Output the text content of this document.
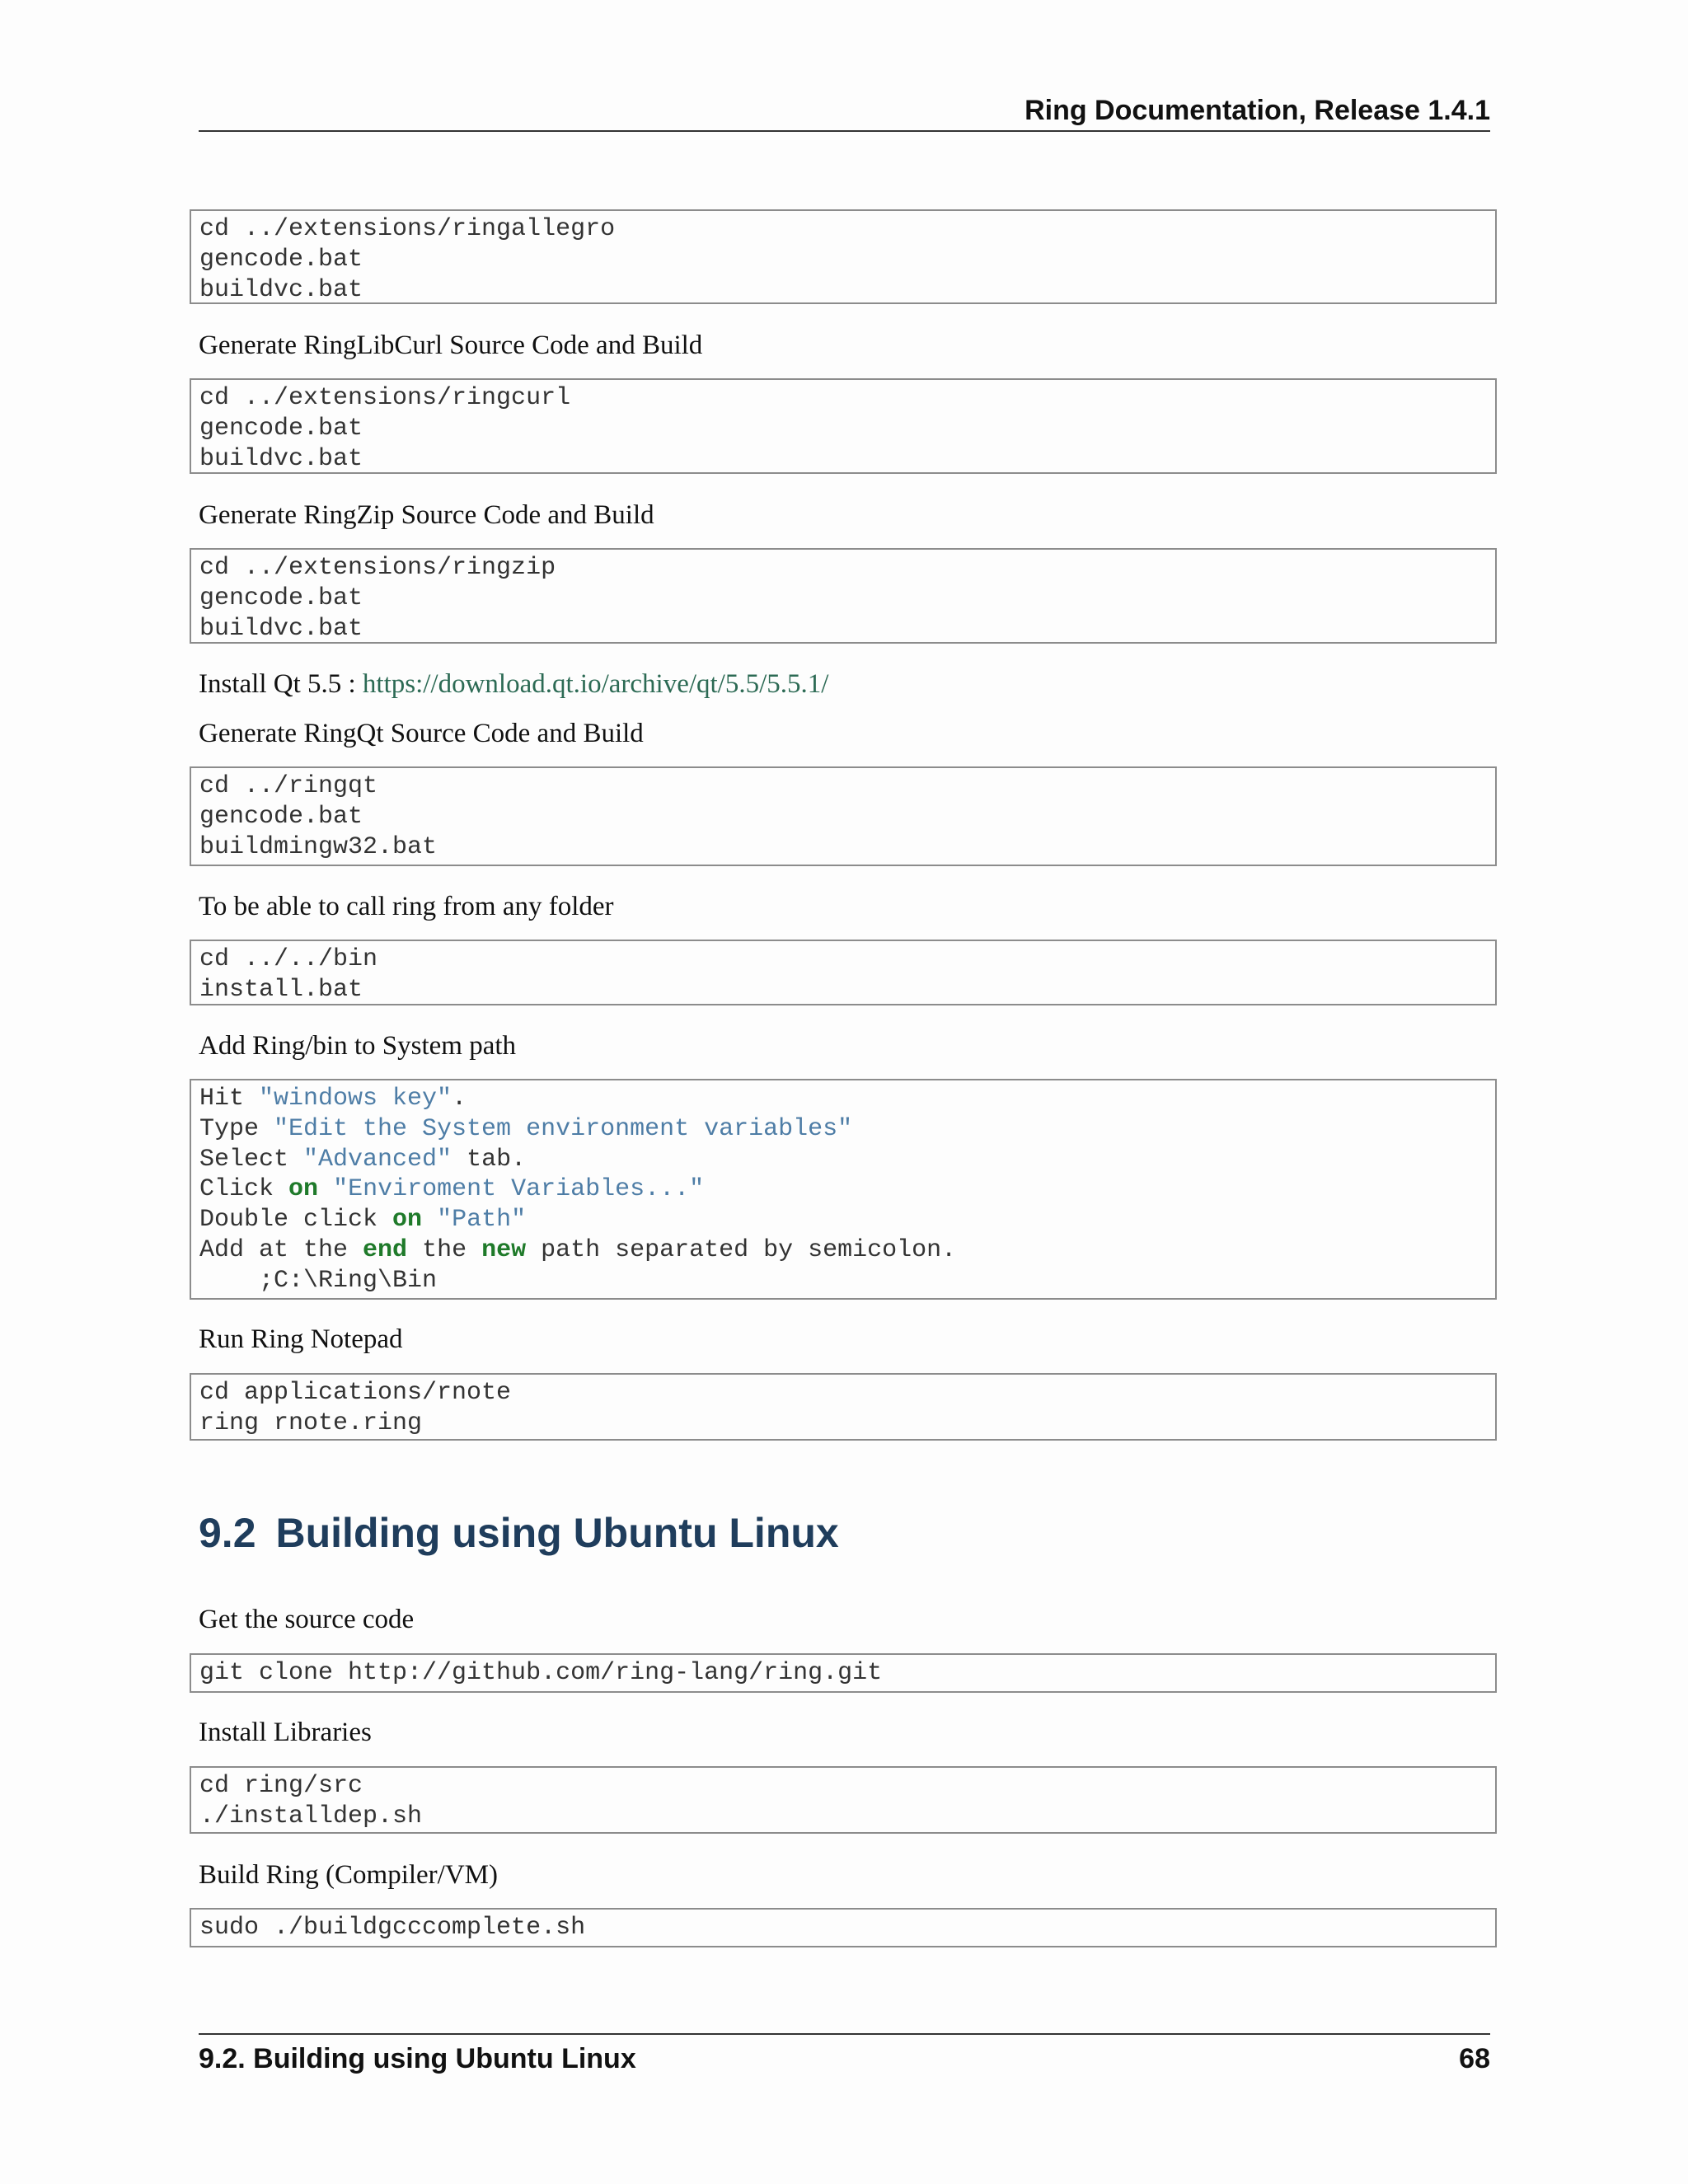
Ring Documentation, Release 1.4.1
cd ../extensions/ringallegro
gencode.bat
buildvc.bat
Generate RingLibCurl Source Code and Build
cd ../extensions/ringcurl
gencode.bat
buildvc.bat
Generate RingZip Source Code and Build
cd ../extensions/ringzip
gencode.bat
buildvc.bat
Install Qt 5.5 : https://download.qt.io/archive/qt/5.5/5.5.1/
Generate RingQt Source Code and Build
cd ../ringqt
gencode.bat
buildmingw32.bat
To be able to call ring from any folder
cd ../../bin
install.bat
Add Ring/bin to System path
Hit "windows key".
Type "Edit the System environment variables"
Select "Advanced" tab.
Click on "Enviroment Variables..."
Double click on "Path"
Add at the end the new path separated by semicolon.
;C:\Ring\Bin
Run Ring Notepad
cd applications/rnote
ring rnote.ring
9.2 Building using Ubuntu Linux
Get the source code
git clone http://github.com/ring-lang/ring.git
Install Libraries
cd ring/src
./installdep.sh
Build Ring (Compiler/VM)
sudo ./buildgcccomplete.sh
9.2. Building using Ubuntu Linux	68
